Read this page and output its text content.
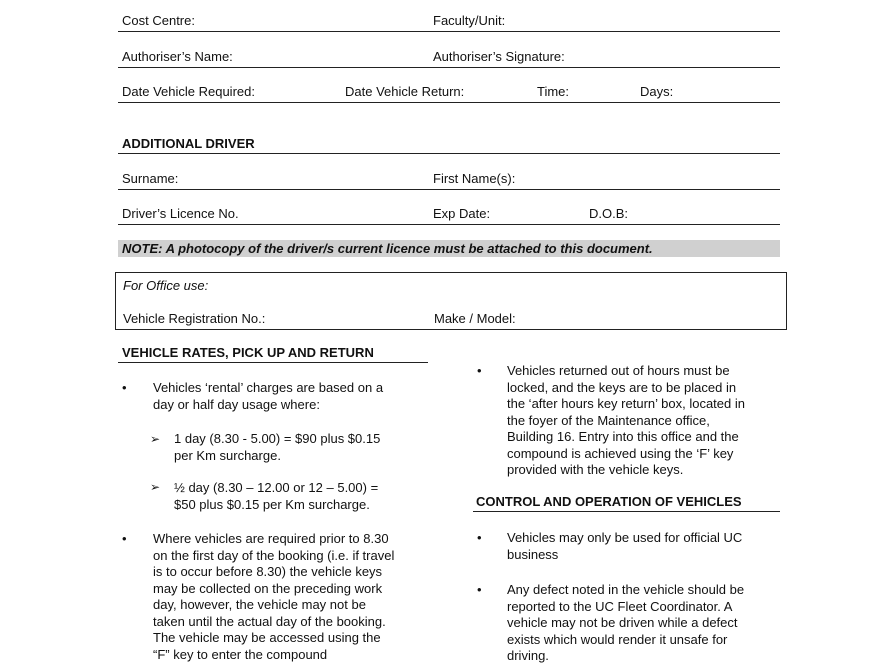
Cost Centre:	Faculty/Unit:
Authoriser’s Name:	Authoriser’s Signature:
Date Vehicle Required:	Date Vehicle Return:	Time:	Days:
ADDITIONAL DRIVER
Surname:	First Name(s):
Driver’s Licence No.	Exp Date:	D.O.B:
NOTE: A photocopy of the driver/s current licence must be attached to this document.
For Office use:
Vehicle Registration No.:	Make / Model:
VEHICLE RATES, PICK UP AND RETURN
• Vehicles ‘rental’ charges are based on a
day or half day usage where:
➢ 1 day (8.30 - 5.00) = $90 plus $0.15
per Km surcharge.
➢ ½ day (8.30 – 12.00 or 12 – 5.00) =
$50 plus $0.15 per Km surcharge.
• Where vehicles are required prior to 8.30
on the first day of the booking (i.e. if travel
is to occur before 8.30) the vehicle keys
may be collected on the preceding work
day, however, the vehicle may not be
taken until the actual day of the booking.
The vehicle may be accessed using the
“F” key to enter the compound
• Vehicles returned out of hours must be
locked, and the keys are to be placed in
the ‘after hours key return’ box, located in
the foyer of the Maintenance office,
Building 16. Entry into this office and the
compound is achieved using the ‘F’ key
provided with the vehicle keys.
CONTROL AND OPERATION OF VEHICLES
• Vehicles may only be used for official UC
business
• Any defect noted in the vehicle should be
reported to the UC Fleet Coordinator. A
vehicle may not be driven while a defect
exists which would render it unsafe for
driving.
